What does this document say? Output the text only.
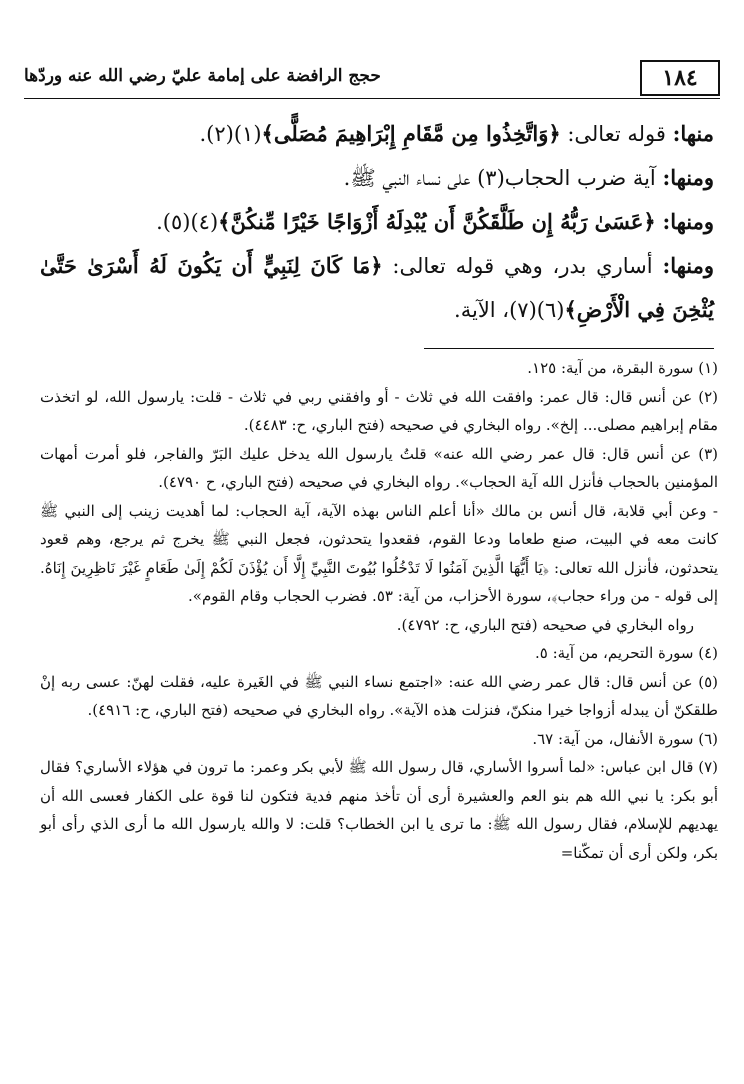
١٨٤
حجج الرافضة على إمامة عليّ رضي الله عنه وردّها

منها: قوله تعالى: ﴿وَاتَّخِذُوا مِن مَّقَامِ إِبْرَاهِيمَ مُصَلًّى﴾(١)(٢).

ومنها: آية ضرب الحجاب(٣) على نساء النبي ﷺ.

ومنها: ﴿عَسَىٰ رَبُّهُ إِن طَلَّقَكُنَّ أَن يُبْدِلَهُ أَزْوَاجًا خَيْرًا مِّنكُنَّ﴾(٤)(٥).

ومنها: أساري بدر، وهي قوله تعالى: ﴿مَا كَانَ لِنَبِيٍّ أَن يَكُونَ لَهُ أَسْرَىٰ حَتَّىٰ يُثْخِنَ فِي الْأَرْضِ﴾(٦)(٧)، الآية.

(١) سورة البقرة، من آية: ١٢٥.

(٢) عن أنس قال: قال عمر: وافقت الله في ثلاث - أو وافقني ربي في ثلاث - قلت: يارسول الله، لو اتخذت مقام إبراهيم مصلى... إلخ». رواه البخاري في صحيحه (فتح الباري، ح: ٤٤٨٣).

(٣) عن أنس قال: قال عمر رضي الله عنه» قلتُ يارسول الله يدخل عليك البَرّ والفاجر، فلو أمرت أمهات المؤمنين بالحجاب فأنزل الله آية الحجاب». رواه البخاري في صحيحه (فتح الباري، ح ٤٧٩٠).

- وعن أبي قلابة، قال أنس بن مالك «أنا أعلم الناس بهذه الآية، آية الحجاب: لما أهديت زينب إلى النبي ﷺ كانت معه في البيت، صنع طعاما ودعا القوم، فقعدوا يتحدثون، فجعل النبي ﷺ يخرج ثم يرجع، وهم قعود يتحدثون، فأنزل الله تعالى: ﴿يَا أَيُّهَا الَّذِينَ آمَنُوا لَا تَدْخُلُوا بُيُوتَ النَّبِيِّ إِلَّا أَن يُؤْذَنَ لَكُمْ إِلَىٰ طَعَامٍ غَيْرَ نَاظِرِينَ إِنَاهُ. إلى قوله - من وراء حجاب﴾، سورة الأحزاب، من آية: ٥٣. فضرب الحجاب وقام القوم».

رواه البخاري في صحيحه (فتح الباري، ح: ٤٧٩٢).

(٤) سورة التحريم، من آية: ٥.

(٥) عن أنس قال: قال عمر رضي الله عنه: «اجتمع نساء النبي ﷺ في الغَيرة عليه، فقلت لهنّ: عسى ربه إنْ طلقكنّ أن يبدله أزواجا خيرا منكنّ، فنزلت هذه الآية». رواه البخاري في صحيحه (فتح الباري، ح: ٤٩١٦).

(٦) سورة الأنفال، من آية: ٦٧.

(٧) قال ابن عباس: «لما أسروا الأساري، قال رسول الله ﷺ لأبي بكر وعمر: ما ترون في هؤلاء الأساري؟ فقال أبو بكر: يا نبي الله هم بنو العم والعشيرة أرى أن تأخذ منهم فدية فتكون لنا قوة على الكفار فعسى الله أن يهديهم للإسلام، فقال رسول الله ﷺ: ما ترى يا ابن الخطاب؟ قلت: لا والله يارسول الله ما أرى الذي رأى أبو بكر، ولكن أرى أن تمكّنا=
